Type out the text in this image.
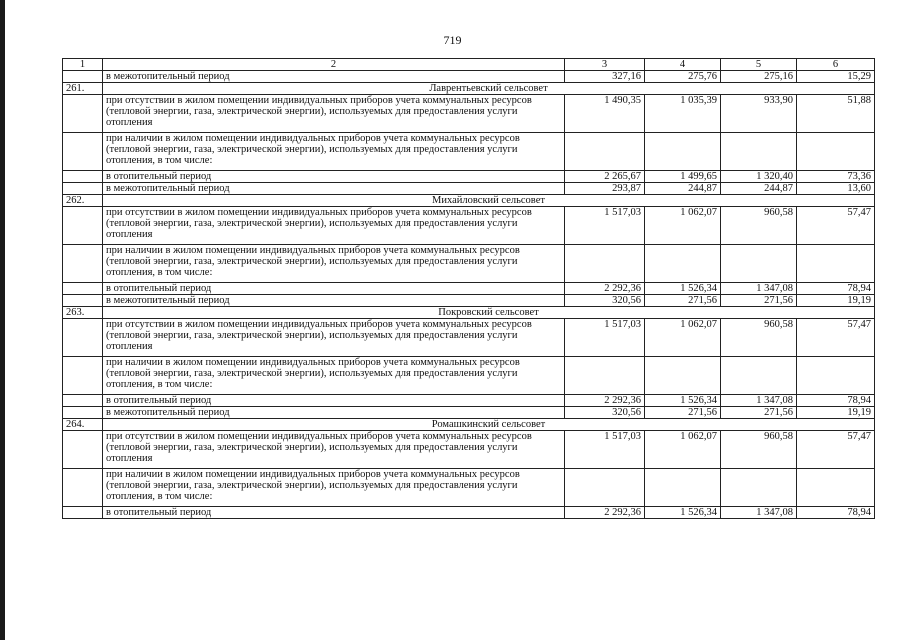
719
1	2	3	4	5	6
	в межотопительный период	327,16	275,76	275,16	15,29
261.	Лаврентьевский сельсовет				
	при отсутствии в жилом помещении индивидуальных приборов учета коммунальных ресурсов (тепловой энергии, газа, электрической энергии), используемых для предоставления услуги отопления	1 490,35	1 035,39	933,90	51,88
	при наличии в жилом помещении индивидуальных приборов учета коммунальных ресурсов (тепловой энергии, газа, электрической энергии), используемых для предоставления услуги отопления, в том числе:				
	в отопительный период	2 265,67	1 499,65	1 320,40	73,36
	в межотопительный период	293,87	244,87	244,87	13,60
262.	Михайловский сельсовет				
	при отсутствии в жилом помещении индивидуальных приборов учета коммунальных ресурсов (тепловой энергии, газа, электрической энергии), используемых для предоставления услуги отопления	1 517,03	1 062,07	960,58	57,47
	при наличии в жилом помещении индивидуальных приборов учета коммунальных ресурсов (тепловой энергии, газа, электрической энергии), используемых для предоставления услуги отопления, в том числе:				
	в отопительный период	2 292,36	1 526,34	1 347,08	78,94
	в межотопительный период	320,56	271,56	271,56	19,19
263.	Покровский сельсовет				
	при отсутствии в жилом помещении индивидуальных приборов учета коммунальных ресурсов (тепловой энергии, газа, электрической энергии), используемых для предоставления услуги отопления	1 517,03	1 062,07	960,58	57,47
	при наличии в жилом помещении индивидуальных приборов учета коммунальных ресурсов (тепловой энергии, газа, электрической энергии), используемых для предоставления услуги отопления, в том числе:				
	в отопительный период	2 292,36	1 526,34	1 347,08	78,94
	в межотопительный период	320,56	271,56	271,56	19,19
264.	Ромашкинский сельсовет				
	при отсутствии в жилом помещении индивидуальных приборов учета коммунальных ресурсов (тепловой энергии, газа, электрической энергии), используемых для предоставления услуги отопления	1 517,03	1 062,07	960,58	57,47
	при наличии в жилом помещении индивидуальных приборов учета коммунальных ресурсов (тепловой энергии, газа, электрической энергии), используемых для предоставления услуги отопления, в том числе:				
	в отопительный период	2 292,36	1 526,34	1 347,08	78,94
